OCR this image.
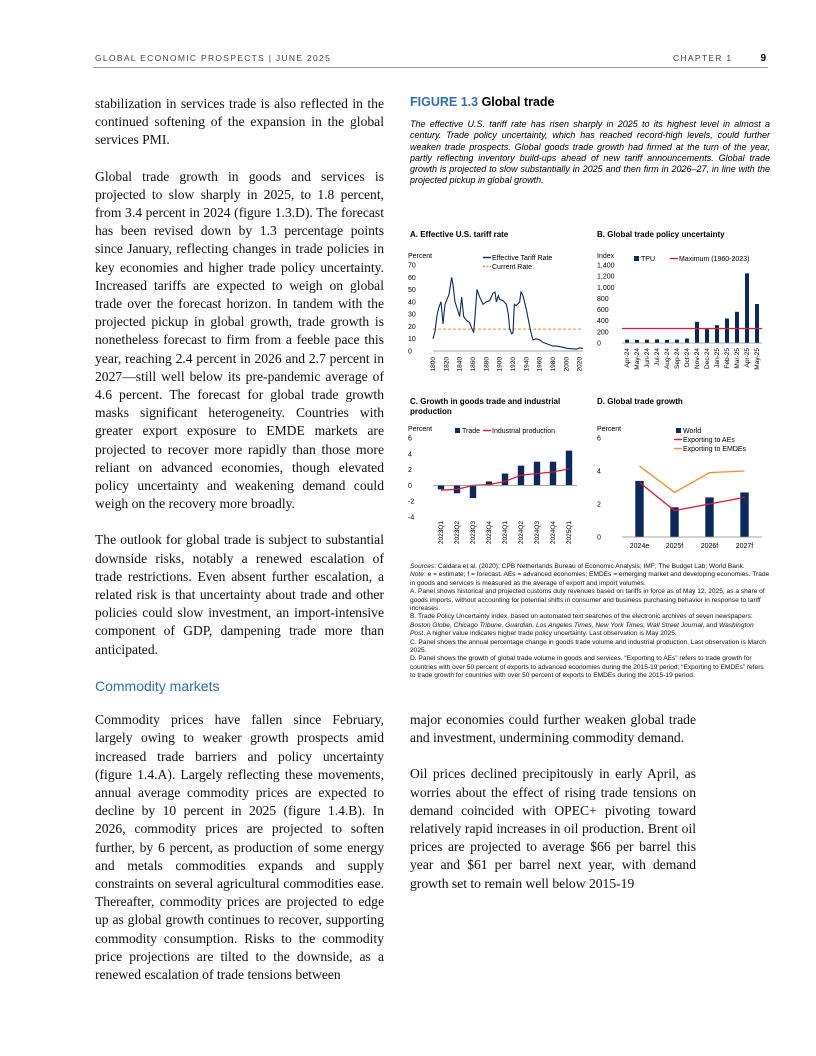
GLOBAL ECONOMIC PROSPECTS | JUNE 2025	CHAPTER 1	9

stabilization in services trade is also reflected in the continued softening of the expansion in the global services PMI.

Global trade growth in goods and services is projected to slow sharply in 2025, to 1.8 percent, from 3.4 percent in 2024 (figure 1.3.D). The forecast has been revised down by 1.3 percentage points since January, reflecting changes in trade policies in key economies and higher trade policy uncertainty. Increased tariffs are expected to weigh on global trade over the forecast horizon. In tandem with the projected pickup in global growth, trade growth is nonetheless forecast to firm from a feeble pace this year, reaching 2.4 percent in 2026 and 2.7 percent in 2027—still well below its pre-pandemic average of 4.6 percent. The forecast for global trade growth masks significant heterogeneity. Countries with greater export exposure to EMDE markets are projected to recover more rapidly than those more reliant on advanced economies, though elevated policy uncertainty and weakening demand could weigh on the recovery more broadly.

The outlook for global trade is subject to substantial downside risks, notably a renewed escalation of trade restrictions. Even absent further escalation, a related risk is that uncertainty about trade and other policies could slow investment, an import-intensive component of GDP, dampening trade more than anticipated.

Commodity markets

Commodity prices have fallen since February, largely owing to weaker growth prospects amid increased trade barriers and policy uncertainty (figure 1.4.A). Largely reflecting these movements, annual average commodity prices are expected to decline by 10 percent in 2025 (figure 1.4.B). In 2026, commodity prices are projected to soften further, by 6 percent, as production of some energy and metals commodities expands and supply constraints on several agricultural commodities ease. Thereafter, commodity prices are projected to edge up as global growth continues to recover, supporting commodity consumption. Risks to the commodity price projections are tilted to the downside, as a renewed escalation of trade tensions between

FIGURE 1.3 Global trade

The effective U.S. tariff rate has risen sharply in 2025 to its highest level in almost a century. Trade policy uncertainty, which has reached record-high levels, could further weaken trade prospects. Global goods trade growth had firmed at the turn of the year, partly reflecting inventory build-ups ahead of new tariff announcements. Global trade growth is projected to slow substantially in 2025 and then firm in 2026–27, in line with the projected pickup in global growth.

A. Effective U.S. tariff rate	B. Global trade policy uncertainty
C. Growth in goods trade and industrial production
D. Global trade growth
Percent
0
10
20
30
40
50
60
70
1800 1820 1840 1860 1880 1900 1920 1940 1960 1980 2000 2020
Effective Tariff Rate
Current Rate
Index
0
200
400
600
800
1,000
1,200
1,400
Apr-24 May-24 Jun-24 Jul-24 Aug-24 Sep-24 Oct-24 Nov-24 Dec-24 Jan-25 Feb-25 Mar-25 Apr-25 May-25
TPU	Maximum (1960-2023)
Percent
-4
-2
0
2
4
6
2023Q1 2023Q2 2023Q3 2023Q4 2024Q1 2024Q2 2024Q3 2024Q4 2025Q1
Trade Industrial production	Percent
0
2
4
6
2024e 2025f 2026f 2027f
World
Exporting to AEs
Exporting to EMDEs

Sources: Caldara et al. (2020); CPB Netherlands Bureau of Economic Analysis; IMF; The Budget Lab; World Bank.

Note: e = estimate; f = forecast. AEs = advanced economies; EMDEs = emerging market and developing economies. Trade in goods and services is measured as the average of export and import volumes.

A. Panel shows historical and projected customs duty revenues based on tariffs in force as of May 12, 2025, as a share of goods imports, without accounting for potential shifts in consumer and business purchasing behavior in response to tariff increases.

B. Trade Policy Uncertainty index, based on automated text searches of the electronic archives of seven newspapers: Boston Globe, Chicago Tribune, Guardian, Los Angeles Times, New York Times, Wall Street Journal, and Washington Post. A higher value indicates higher trade policy uncertainty. Last observation is May 2025.

C. Panel shows the annual percentage change in goods trade volume and industrial production. Last observation is March 2025.

D. Panel shows the growth of global trade volume in goods and services. “Exporting to AEs” refers to trade growth for countries with over 50 percent of exports to advanced economies during the 2015-19 period; “Exporting to EMDEs” refers to trade growth for countries with over 50 percent of exports to EMDEs during the 2015-19 period.

major economies could further weaken global trade and investment, undermining commodity demand.

Oil prices declined precipitously in early April, as worries about the effect of rising trade tensions on demand coincided with OPEC+ pivoting toward relatively rapid increases in oil production. Brent oil prices are projected to average $66 per barrel this year and $61 per barrel next year, with demand growth set to remain well below 2015-19
